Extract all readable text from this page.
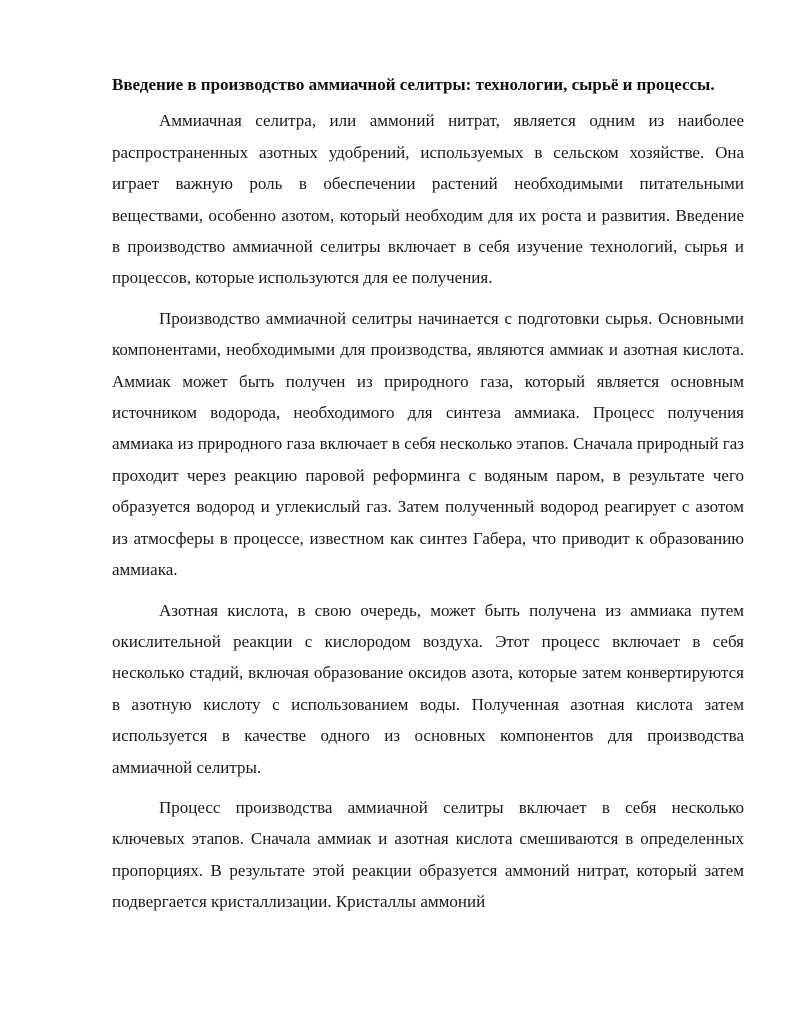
Введение в производство аммиачной селитры: технологии, сырьё и процессы.

Аммиачная селитра, или аммоний нитрат, является одним из наиболее распространенных азотных удобрений, используемых в сельском хозяйстве. Она играет важную роль в обеспечении растений необходимыми питательными веществами, особенно азотом, который необходим для их роста и развития. Введение в производство аммиачной селитры включает в себя изучение технологий, сырья и процессов, которые используются для ее получения.

Производство аммиачной селитры начинается с подготовки сырья. Основными компонентами, необходимыми для производства, являются аммиак и азотная кислота. Аммиак может быть получен из природного газа, который является основным источником водорода, необходимого для синтеза аммиака. Процесс получения аммиака из природного газа включает в себя несколько этапов. Сначала природный газ проходит через реакцию паровой реформинга с водяным паром, в результате чего образуется водород и углекислый газ. Затем полученный водород реагирует с азотом из атмосферы в процессе, известном как синтез Габера, что приводит к образованию аммиака.

Азотная кислота, в свою очередь, может быть получена из аммиака путем окислительной реакции с кислородом воздуха. Этот процесс включает в себя несколько стадий, включая образование оксидов азота, которые затем конвертируются в азотную кислоту с использованием воды. Полученная азотная кислота затем используется в качестве одного из основных компонентов для производства аммиачной селитры.

Процесс производства аммиачной селитры включает в себя несколько ключевых этапов. Сначала аммиак и азотная кислота смешиваются в определенных пропорциях. В результате этой реакции образуется аммоний нитрат, который затем подвергается кристаллизации. Кристаллы аммоний
